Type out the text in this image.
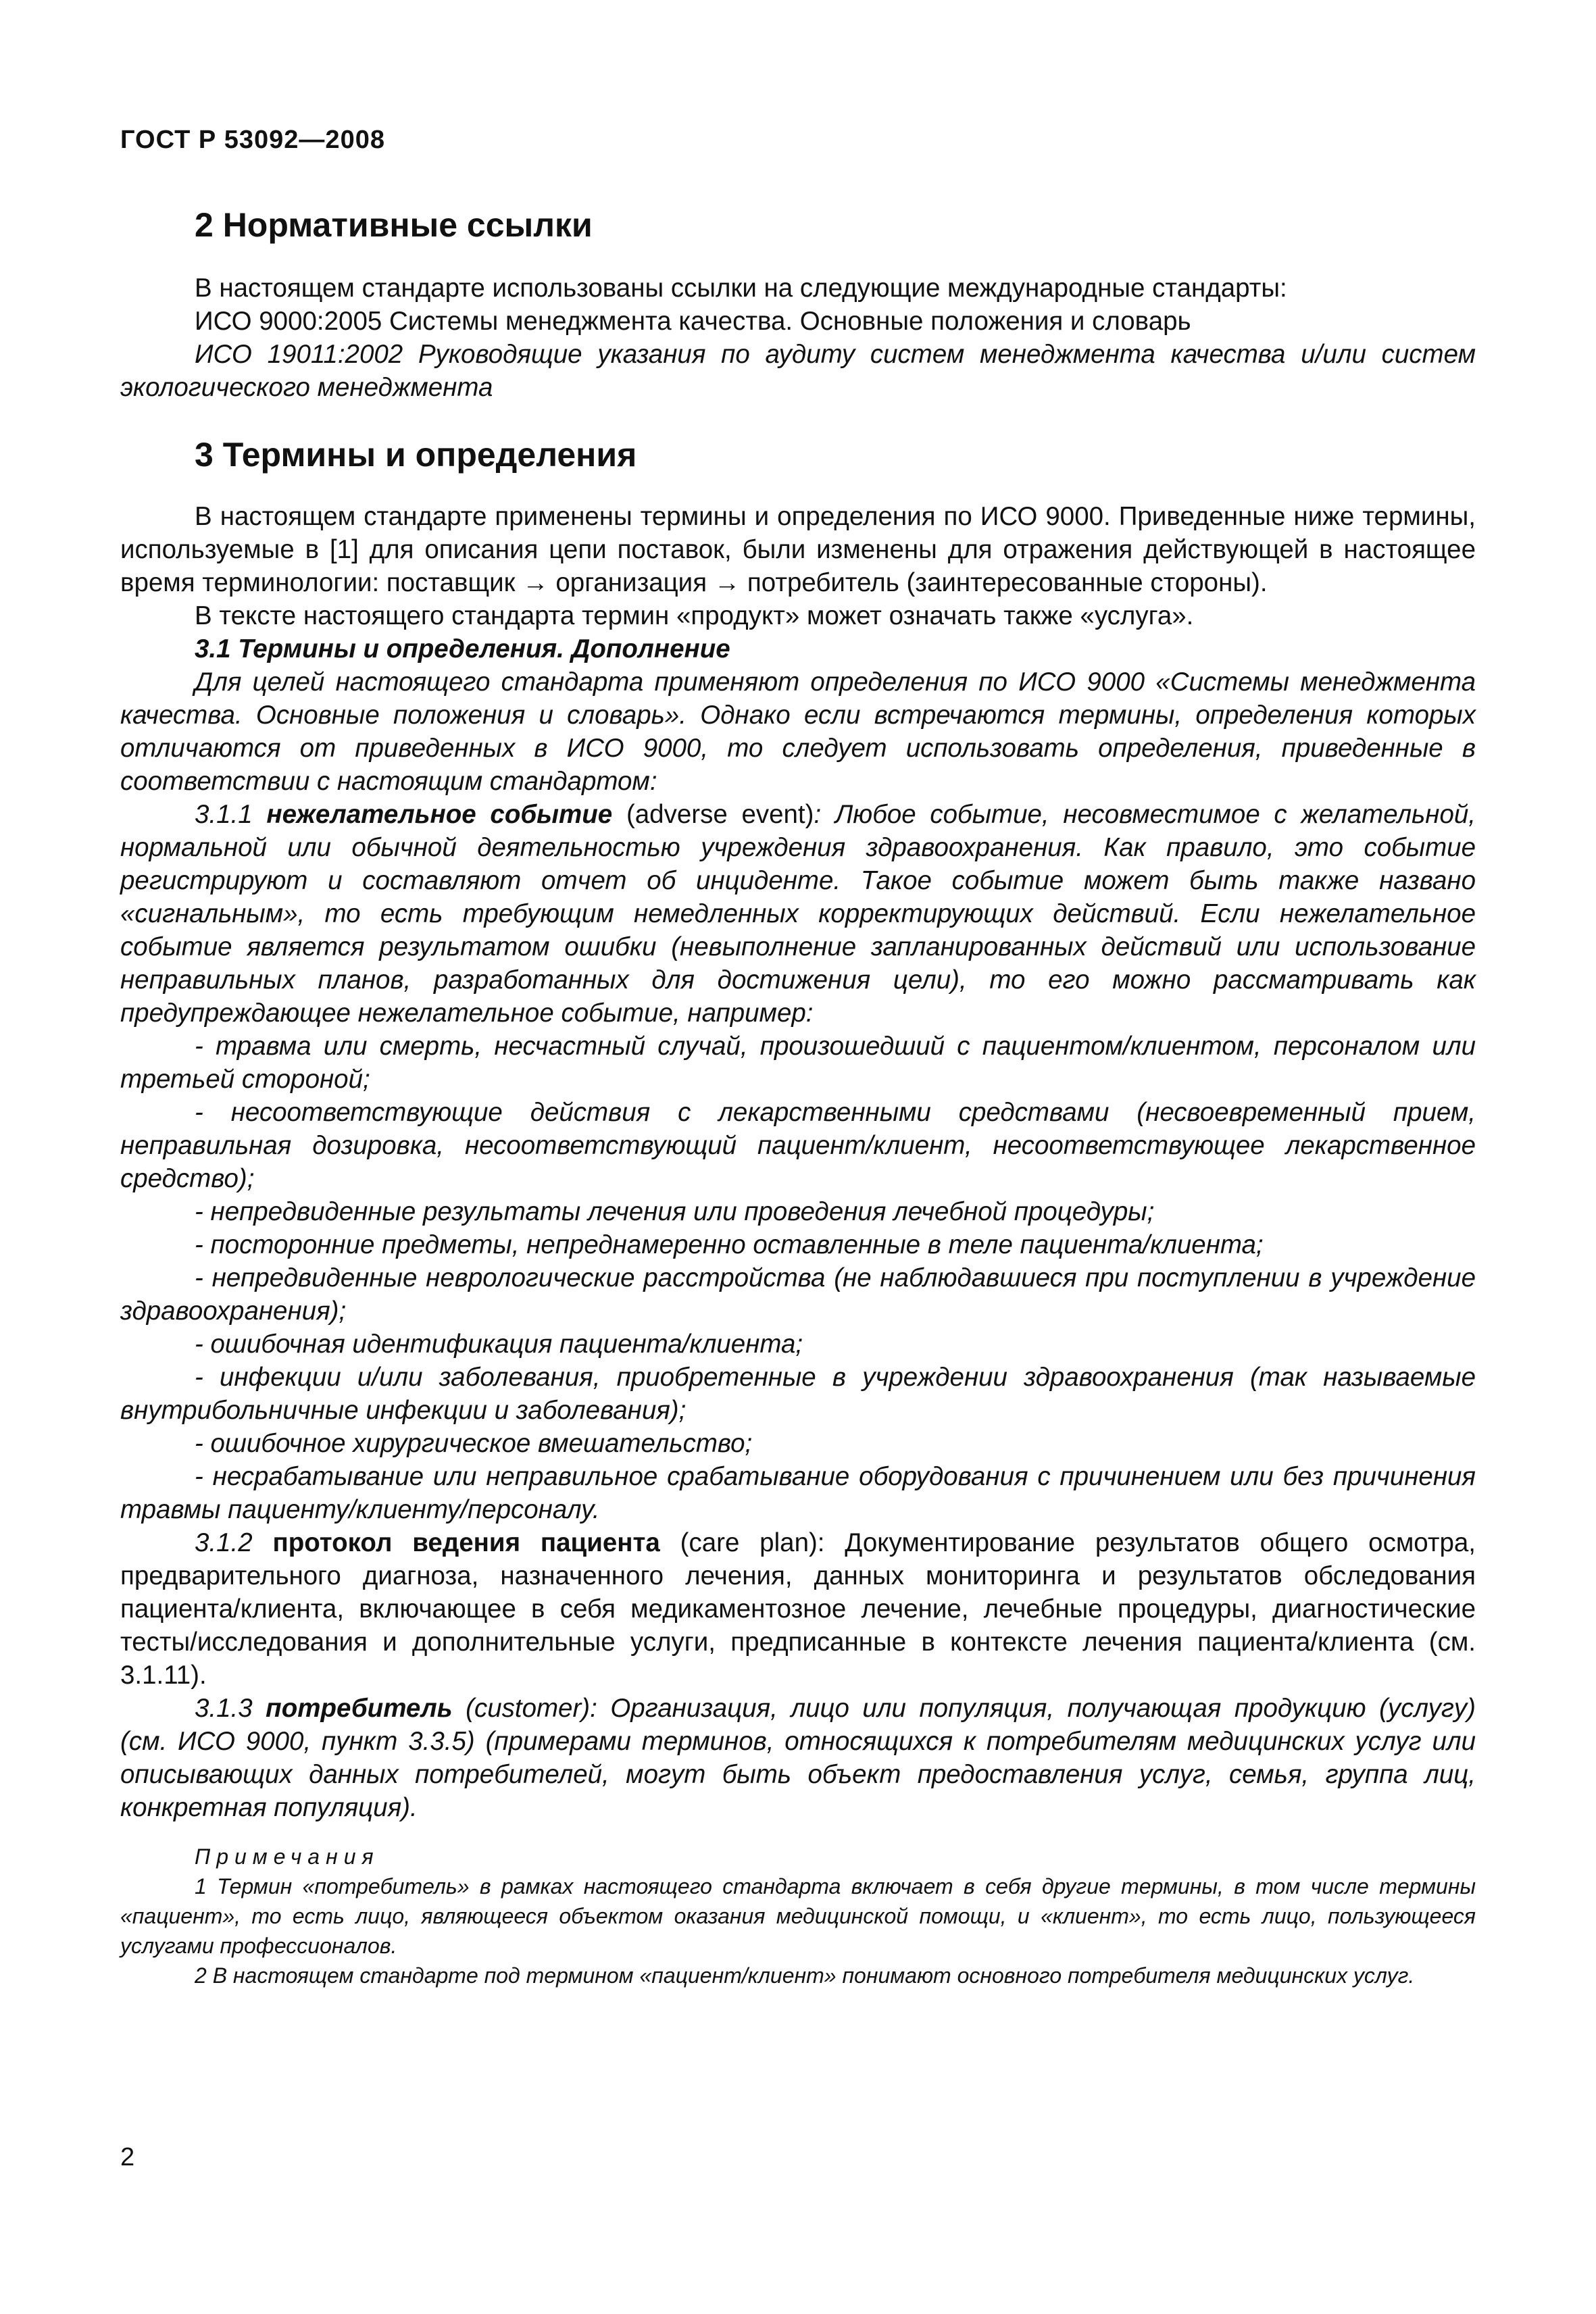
ГОСТ Р 53092—2008
2 Нормативные ссылки

В настоящем стандарте использованы ссылки на следующие международные стандарты:

ИСО 9000:2005 Системы менеджмента качества. Основные положения и словарь

ИСО 19011:2002 Руководящие указания по аудиту систем менеджмента качества и/или систем экологического менеджмента

3 Термины и определения

В настоящем стандарте применены термины и определения по ИСО 9000. Приведенные ниже термины, используемые в [1] для описания цепи поставок, были изменены для отражения действующей в настоящее время терминологии: поставщик → организация → потребитель (заинтересованные стороны).

В тексте настоящего стандарта термин «продукт» может означать также «услуга».

3.1 Термины и определения. Дополнение

Для целей настоящего стандарта применяют определения по ИСО 9000 «Системы менеджмента качества. Основные положения и словарь». Однако если встречаются термины, определения которых отличаются от приведенных в ИСО 9000, то следует использовать определения, приведенные в соответствии с настоящим стандартом:

3.1.1 нежелательное событие (adverse event): Любое событие, несовместимое с желательной, нормальной или обычной деятельностью учреждения здравоохранения. Как правило, это событие регистрируют и составляют отчет об инциденте. Такое событие может быть также названо «сигнальным», то есть требующим немедленных корректирующих действий. Если нежелательное событие является результатом ошибки (невыполнение запланированных действий или использование неправильных планов, разработанных для достижения цели), то его можно рассматривать как предупреждающее нежелательное событие, например:

- травма или смерть, несчастный случай, произошедший с пациентом/клиентом, персоналом или третьей стороной;

- несоответствующие действия с лекарственными средствами (несвоевременный прием, неправильная дозировка, несоответствующий пациент/клиент, несоответствующее лекарственное средство);

- непредвиденные результаты лечения или проведения лечебной процедуры;

- посторонние предметы, непреднамеренно оставленные в теле пациента/клиента;

- непредвиденные неврологические расстройства (не наблюдавшиеся при поступлении в учреждение здравоохранения);

- ошибочная идентификация пациента/клиента;

- инфекции и/или заболевания, приобретенные в учреждении здравоохранения (так называемые внутрибольничные инфекции и заболевания);

- ошибочное хирургическое вмешательство;

- несрабатывание или неправильное срабатывание оборудования с причинением или без причинения травмы пациенту/клиенту/персоналу.

3.1.2 протокол ведения пациента (care plan): Документирование результатов общего осмотра, предварительного диагноза, назначенного лечения, данных мониторинга и результатов обследования пациента/клиента, включающее в себя медикаментозное лечение, лечебные процедуры, диагностические тесты/исследования и дополнительные услуги, предписанные в контексте лечения пациента/клиента (см. 3.1.11).

3.1.3 потребитель (customer): Организация, лицо или популяция, получающая продукцию (услугу) (см. ИСО 9000, пункт 3.3.5) (примерами терминов, относящихся к потребителям медицинских услуг или описывающих данных потребителей, могут быть объект предоставления услуг, семья, группа лиц, конкретная популяция).

Примечания

1 Термин «потребитель» в рамках настоящего стандарта включает в себя другие термины, в том числе термины «пациент», то есть лицо, являющееся объектом оказания медицинской помощи, и «клиент», то есть лицо, пользующееся услугами профессионалов.

2 В настоящем стандарте под термином «пациент/клиент» понимают основного потребителя медицинских услуг.

2
